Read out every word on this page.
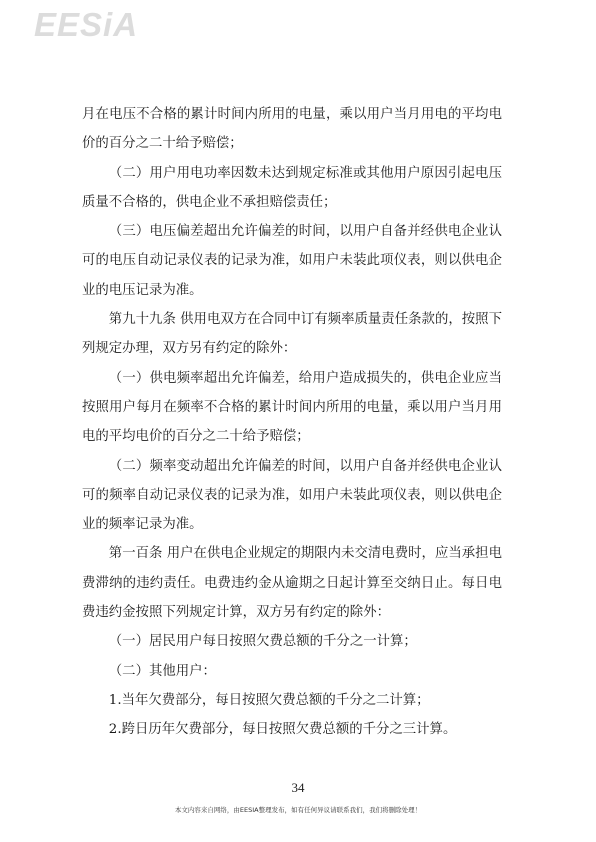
EESiA

月在电压不合格的累计时间内所用的电量，乘以用户当月用电的平均电价的百分之二十给予赔偿；

（二）用户用电功率因数未达到规定标准或其他用户原因引起电压质量不合格的，供电企业不承担赔偿责任；

（三）电压偏差超出允许偏差的时间，以用户自备并经供电企业认可的电压自动记录仪表的记录为准，如用户未装此项仪表，则以供电企业的电压记录为准。

第九十九条 供用电双方在合同中订有频率质量责任条款的，按照下列规定办理，双方另有约定的除外：

（一）供电频率超出允许偏差，给用户造成损失的，供电企业应当按照用户每月在频率不合格的累计时间内所用的电量，乘以用户当月用电的平均电价的百分之二十给予赔偿；

（二）频率变动超出允许偏差的时间，以用户自备并经供电企业认可的频率自动记录仪表的记录为准，如用户未装此项仪表，则以供电企业的频率记录为准。

第一百条 用户在供电企业规定的期限内未交清电费时，应当承担电费滞纳的违约责任。电费违约金从逾期之日起计算至交纳日止。每日电费违约金按照下列规定计算，双方另有约定的除外：

（一）居民用户每日按照欠费总额的千分之一计算；

（二）其他用户：

1.当年欠费部分，每日按照欠费总额的千分之二计算；

2.跨日历年欠费部分，每日按照欠费总额的千分之三计算。

34
本文内容来自网络，由EESIA整理发布，如有任何异议请联系我们，我们将删除处理！
